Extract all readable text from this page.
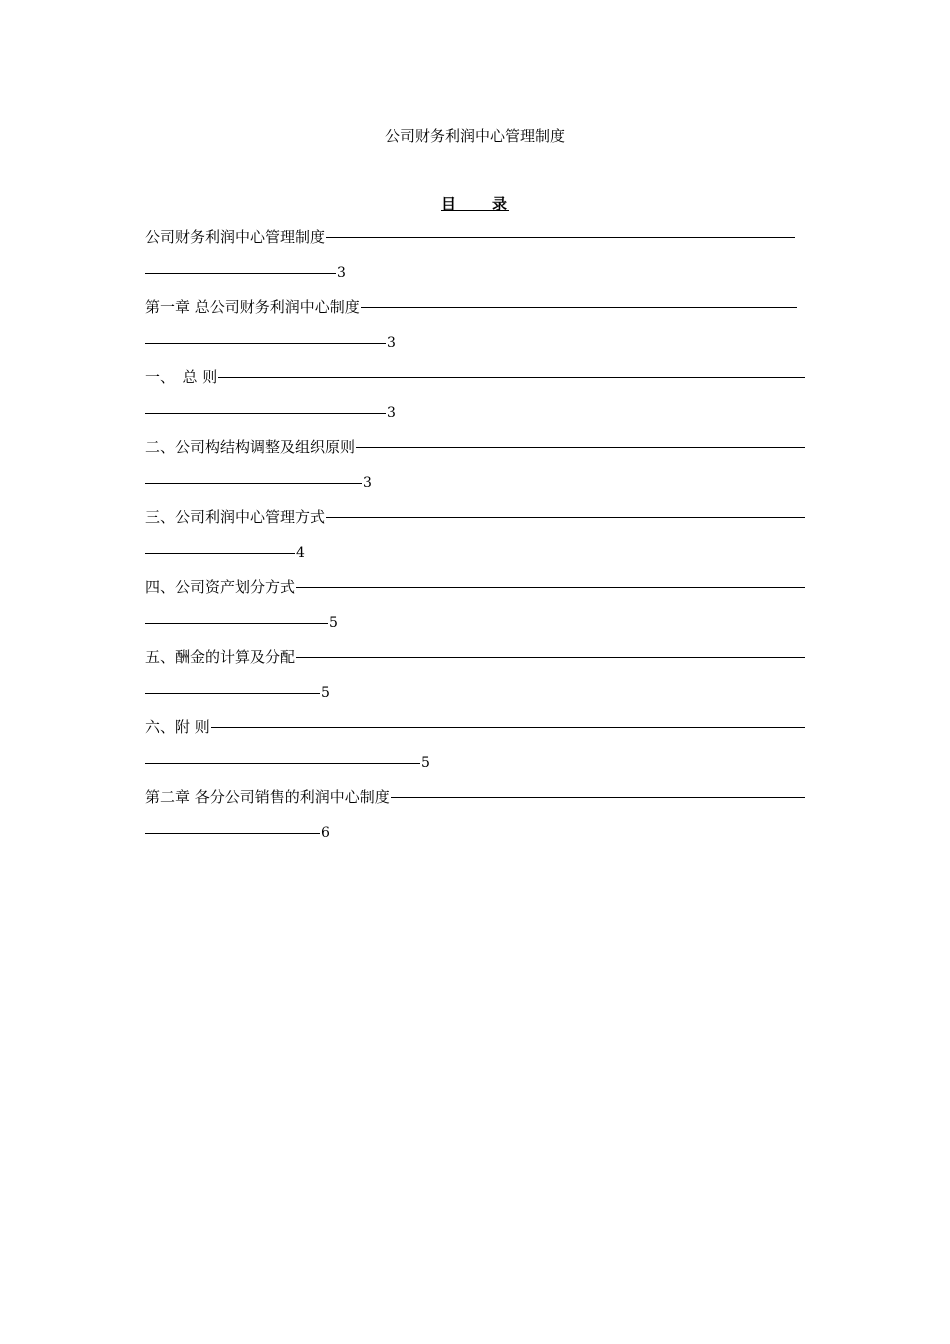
公司财务利润中心管理制度
目　　录
公司财务利润中心管理制度
3
第一章 总公司财务利润中心制度
3
一、　总 则
3
二、公司构结构调整及组织原则
3
三、公司利润中心管理方式
4
四、公司资产划分方式
5
五、酬金的计算及分配
5
六、附 则
5
第二章 各分公司销售的利润中心制度
6
